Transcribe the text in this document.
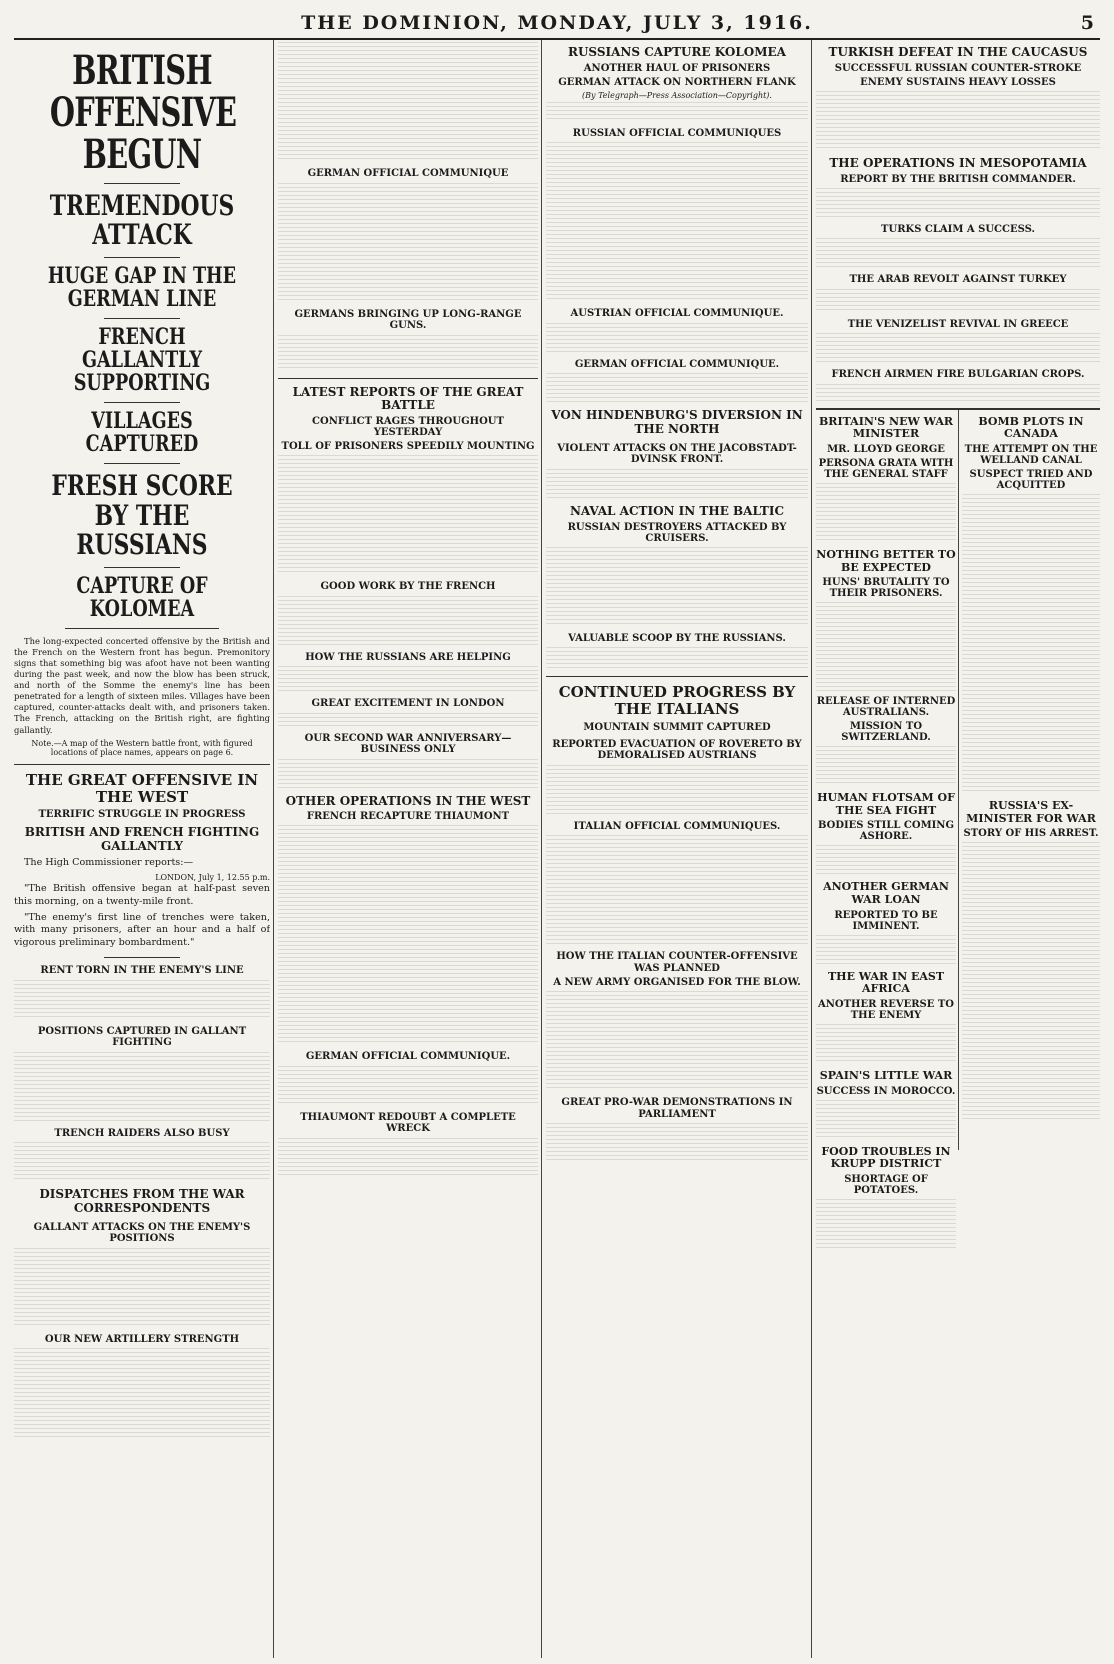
THE DOMINION, MONDAY, JULY 3, 1916.	5
BRITISH OFFENSIVE BEGUN
TREMENDOUS ATTACK
HUGE GAP IN THE GERMAN LINE
FRENCH GALLANTLY SUPPORTING
VILLAGES CAPTURED
FRESH SCORE BY THE RUSSIANS
CAPTURE OF KOLOMEA

The long-expected concerted offensive by the British and the French on the Western front has begun. Premonitory signs that something big was afoot have not been wanting during the past week, and now the blow has been struck, and north of the Somme the enemy's line has been penetrated for a length of sixteen miles. Villages have been captured, counter-attacks dealt with, and prisoners taken. The French, attacking on the British right, are fighting gallantly.

Note.—A map of the Western battle front, with figured locations of place names, appears on page 6.

THE GREAT OFFENSIVE IN THE WEST
TERRIFIC STRUGGLE IN PROGRESS
BRITISH AND FRENCH FIGHTING GALLANTLY

The High Commissioner reports:—

LONDON, July 1, 12.55 p.m.

"The British offensive began at half-past seven this morning, on a twenty-mile front.

"The enemy's first line of trenches were taken, with many prisoners, after an hour and a half of vigorous preliminary bombardment."

RENT TORN IN THE ENEMY'S LINE
POSITIONS CAPTURED IN GALLANT FIGHTING
TRENCH RAIDERS ALSO BUSY
DISPATCHES FROM THE WAR CORRESPONDENTS
GALLANT ATTACKS ON THE ENEMY'S POSITIONS
OUR NEW ARTILLERY STRENGTH
GERMAN OFFICIAL COMMUNIQUE
GERMANS BRINGING UP LONG-RANGE GUNS.
LATEST REPORTS OF THE GREAT BATTLE
CONFLICT RAGES THROUGHOUT YESTERDAY
TOLL OF PRISONERS SPEEDILY MOUNTING
GOOD WORK BY THE FRENCH
HOW THE RUSSIANS ARE HELPING
GREAT EXCITEMENT IN LONDON
OUR SECOND WAR ANNIVERSARY—BUSINESS ONLY
OTHER OPERATIONS IN THE WEST
FRENCH RECAPTURE THIAUMONT
GERMAN OFFICIAL COMMUNIQUE.
THIAUMONT REDOUBT A COMPLETE WRECK
RUSSIANS CAPTURE KOLOMEA
ANOTHER HAUL OF PRISONERS
GERMAN ATTACK ON NORTHERN FLANK
(By Telegraph—Press Association—Copyright).
RUSSIAN OFFICIAL COMMUNIQUES
AUSTRIAN OFFICIAL COMMUNIQUE.
GERMAN OFFICIAL COMMUNIQUE.
VON HINDENBURG'S DIVERSION IN THE NORTH
VIOLENT ATTACKS ON THE JACOBSTADT-DVINSK FRONT.
NAVAL ACTION IN THE BALTIC
RUSSIAN DESTROYERS ATTACKED BY CRUISERS.
VALUABLE SCOOP BY THE RUSSIANS.
CONTINUED PROGRESS BY THE ITALIANS
MOUNTAIN SUMMIT CAPTURED
REPORTED EVACUATION OF ROVERETO BY DEMORALISED AUSTRIANS
ITALIAN OFFICIAL COMMUNIQUES.
HOW THE ITALIAN COUNTER-OFFENSIVE WAS PLANNED
A NEW ARMY ORGANISED FOR THE BLOW.
GREAT PRO-WAR DEMONSTRATIONS IN PARLIAMENT
TURKISH DEFEAT IN THE CAUCASUS
SUCCESSFUL RUSSIAN COUNTER-STROKE
ENEMY SUSTAINS HEAVY LOSSES
THE OPERATIONS IN MESOPOTAMIA
REPORT BY THE BRITISH COMMANDER.
TURKS CLAIM A SUCCESS.
THE ARAB REVOLT AGAINST TURKEY
THE VENIZELIST REVIVAL IN GREECE
FRENCH AIRMEN FIRE BULGARIAN CROPS.
BRITAIN'S NEW WAR MINISTER
MR. LLOYD GEORGE
PERSONA GRATA WITH THE GENERAL STAFF
NOTHING BETTER TO BE EXPECTED
HUNS' BRUTALITY TO THEIR PRISONERS.
RELEASE OF INTERNED AUSTRALIANS.
MISSION TO SWITZERLAND.
HUMAN FLOTSAM OF THE SEA FIGHT
BODIES STILL COMING ASHORE.
ANOTHER GERMAN WAR LOAN
REPORTED TO BE IMMINENT.
THE WAR IN EAST AFRICA
ANOTHER REVERSE TO THE ENEMY
SPAIN'S LITTLE WAR
SUCCESS IN MOROCCO.
FOOD TROUBLES IN KRUPP DISTRICT
SHORTAGE OF POTATOES.
BOMB PLOTS IN CANADA
THE ATTEMPT ON THE WELLAND CANAL
SUSPECT TRIED AND ACQUITTED
RUSSIA'S EX-MINISTER FOR WAR
STORY OF HIS ARREST.
